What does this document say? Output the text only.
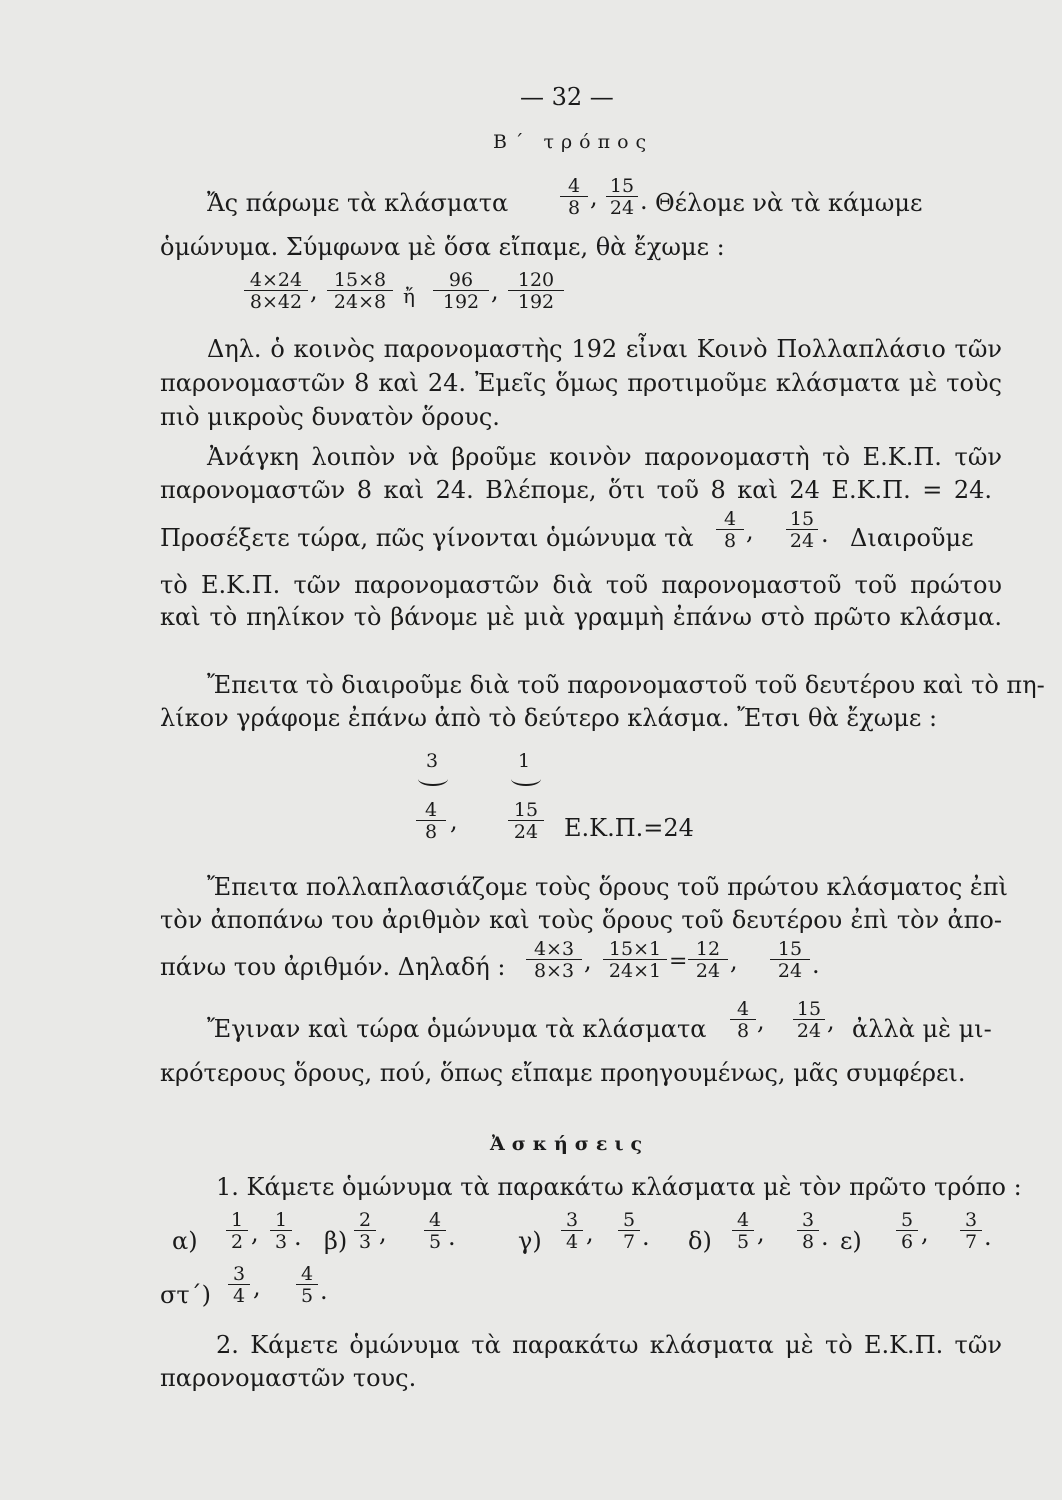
— 32 —
Β΄ τρόπος
Ἄς πάρωμε τὰ κλάσματα	$\frac{4}{8}$ , $\frac{15}{24}$ . Θέλομε νὰ τὰ κάμωμε
ὁμώνυμα. Σύμφωνα μὲ ὅσα εἴπαμε, θὰ ἔχωμε :
$\frac{4\times 24}{8\times 42}$ , $\frac{15\times 8}{24\times 8}$ ἤ $\frac{96}{192}$ , $\frac{120}{192}$
Δηλ. ὁ κοινὸς παρονομαστὴς 192 εἶναι Κοινὸ Πολλαπλάσιο τῶν
παρονομαστῶν 8 καὶ 24. Ἐμεῖς ὅμως προτιμοῦμε κλάσματα μὲ τοὺς
πιὸ μικροὺς δυνατὸν ὅρους.
Ἀνάγκη λοιπὸν νὰ βροῦμε κοινὸν παρονομαστὴ τὸ Ε.Κ.Π. τῶν
παρονομαστῶν 8 καὶ 24. Βλέπομε, ὅτι τοῦ 8 καὶ 24 Ε.Κ.Π. = 24.
Προσέξετε τώρα, πῶς γίνονται ὁμώνυμα τὰ $\frac{4}{8}$ , $\frac{15}{24}$ . Διαιροῦμε
τὸ Ε.Κ.Π. τῶν παρονομαστῶν διὰ τοῦ παρονομαστοῦ τοῦ πρώτου
καὶ τὸ πηλίκον τὸ βάνομε μὲ μιὰ γραμμὴ ἐπάνω στὸ πρῶτο κλάσμα.
Ἔπειτα τὸ διαιροῦμε διὰ τοῦ παρονομαστοῦ τοῦ δευτέρου καὶ τὸ πη-
λίκον γράφομε ἐπάνω ἀπὸ τὸ δεύτερο κλάσμα. Ἔτσι θὰ ἔχωμε :
3	1
$\frac{4}{8}$ ,	$\frac{15}{24} E.K.\Pi.=24$
Ἔπειτα πολλαπλασιάζομε τοὺς ὅρους τοῦ πρώτου κλάσματος ἐπὶ
τὸν ἀποπάνω του ἀριθμὸν καὶ τοὺς ὅρους τοῦ δευτέρου ἐπὶ τὸν ἀπο-
πάνω του ἀριθμόν. Δηλαδή : $\frac{4\times 3}{8\times 3}$ , $\frac{15\times 1}{24\times 1} = \frac{12}{24}$ , $\frac{15}{24}$ .
Ἔγιναν καὶ τώρα ὁμώνυμα τὰ κλάσματα $\frac{4}{8}$ , $\frac{15}{24}$ , ἀλλὰ μὲ μι-
κρότερους ὅρους, πού, ὅπως εἴπαμε προηγουμένως, μᾶς συμφέρει.
Ἀσκήσεις
1. Κάμετε ὁμώνυμα τὰ παρακάτω κλάσματα μὲ τὸν πρῶτο τρόπο :
$\alpha) \frac{1}{2}$ , $\frac{1}{3}$ . $\beta) \frac{2}{3}$ , $\frac{4}{5}$ .	$\gamma) \frac{3}{4}$ , $\frac{5}{7}$ . $\delta) \frac{4}{5}$ , $\frac{3}{8}$ . $\varepsilon) \frac{5}{6}$ , $\frac{3}{7}$ .
$\sigma\tau΄) \frac{3}{4}$ , $\frac{4}{5}$ .
2. Κάμετε ὁμώνυμα τὰ παρακάτω κλάσματα μὲ τὸ Ε.Κ.Π. τῶν
παρονομαστῶν τους.
